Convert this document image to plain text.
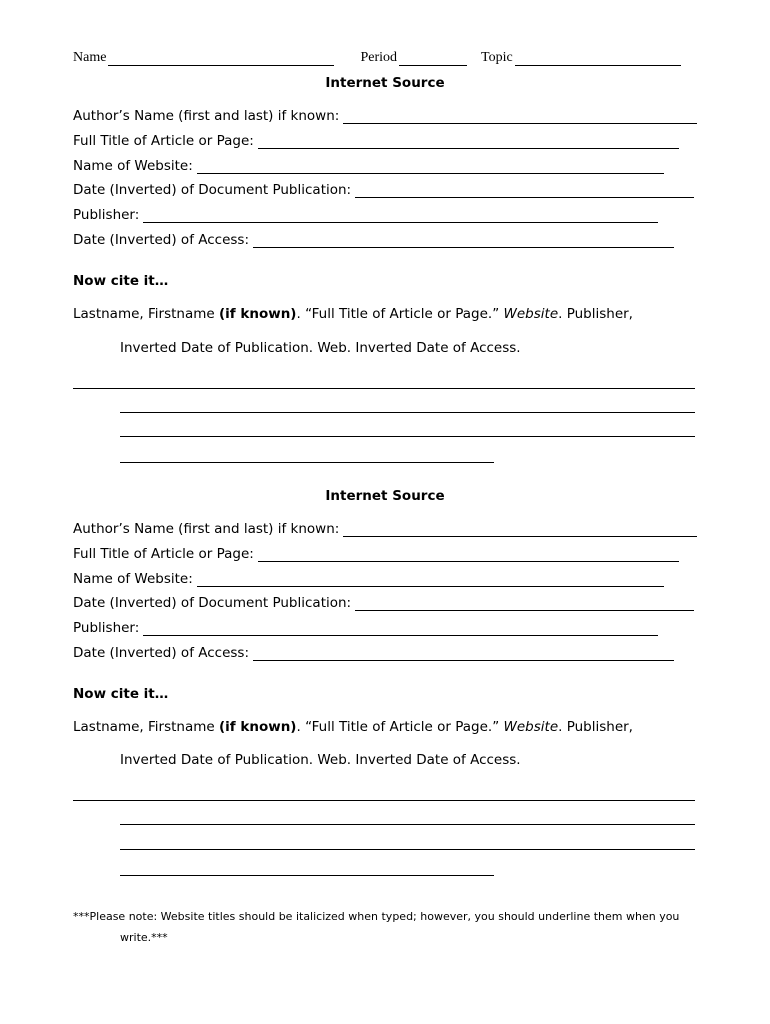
Name	Period	Topic
Internet Source
Author’s Name (first and last) if known:
Full Title of Article or Page:
Name of Website:
Date (Inverted) of Document Publication:
Publisher:
Date (Inverted) of Access:
Now cite it…
Lastname, Firstname (if known). “Full Title of Article or Page.” Website. Publisher,
Inverted Date of Publication. Web. Inverted Date of Access.
Internet Source
Author’s Name (first and last) if known:
Full Title of Article or Page:
Name of Website:
Date (Inverted) of Document Publication:
Publisher:
Date (Inverted) of Access:
Now cite it…
Lastname, Firstname (if known). “Full Title of Article or Page.” Website. Publisher,
Inverted Date of Publication. Web. Inverted Date of Access.
***Please note: Website titles should be italicized when typed; however, you should underline them when you
write.***
